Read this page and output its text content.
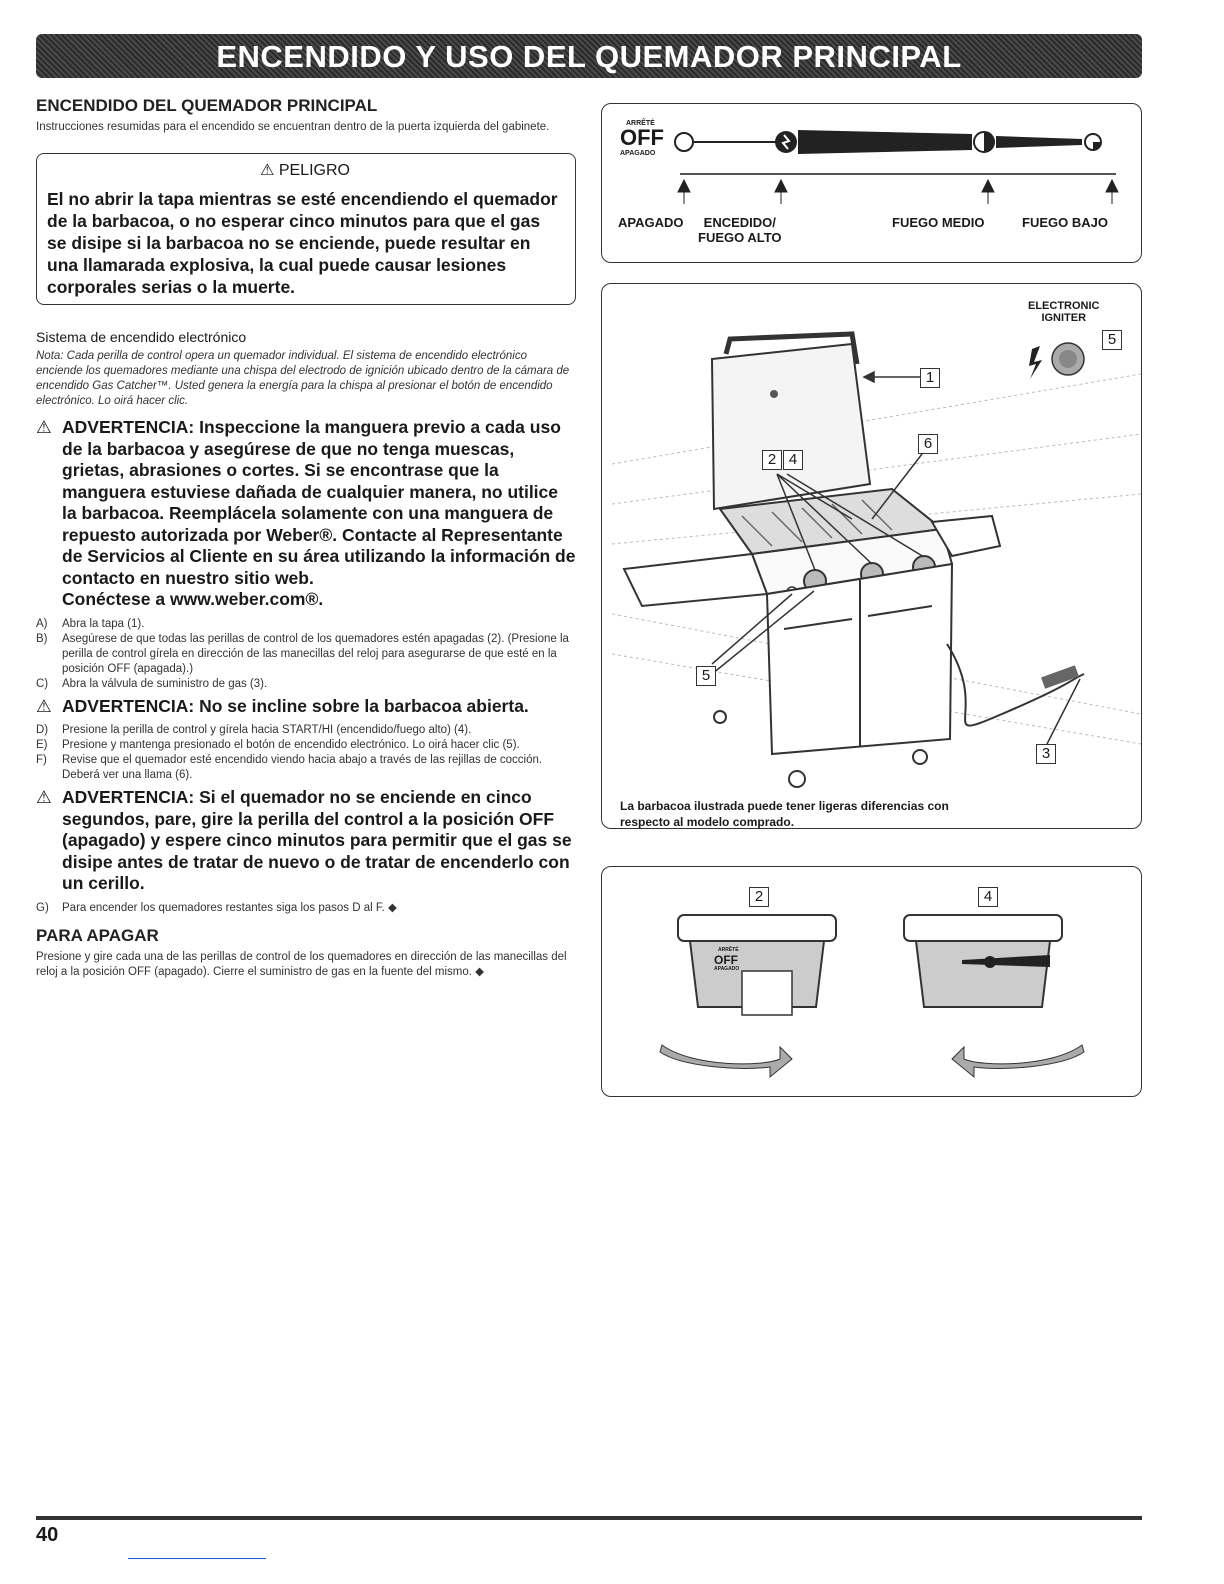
ENCENDIDO Y USO DEL QUEMADOR PRINCIPAL
ENCENDIDO DEL QUEMADOR PRINCIPAL

Instrucciones resumidas para el encendido se encuentran dentro de la puerta izquierda del gabinete.

⚠ PELIGRO
El no abrir la tapa mientras se esté encendiendo el quemador de la barbacoa, o no esperar cinco minutos para que el gas se disipe si la barbacoa no se enciende, puede resultar en una llamarada explosiva, la cual puede causar lesiones corporales serias o la muerte.
Sistema de encendido electrónico

Nota: Cada perilla de control opera un quemador individual. El sistema de encendido electrónico enciende los quemadores mediante una chispa del electrodo de ignición ubicado dentro de la cámara de encendido Gas Catcher™. Usted genera la energía para la chispa al presionar el botón de encendido electrónico. Lo oirá hacer clic.

⚠ ADVERTENCIA: Inspeccione la manguera previo a cada uso de la barbacoa y asegúrese de que no tenga muescas, grietas, abrasiones o cortes. Si se encontrase que la manguera estuviese dañada de cualquier manera, no utilice la barbacoa. Reemplácela solamente con una manguera de repuesto autorizada por Weber®. Contacte al Representante de Servicios al Cliente en su área utilizando la información de contacto en nuestro sitio web.
Conéctese a www.weber.com®.
A) Abra la tapa (1).
B) Asegúrese de que todas las perillas de control de los quemadores estén apagadas (2). (Presione la perilla de control gírela en dirección de las manecillas del reloj para asegurarse de que esté en la posición OFF (apagada).)
C) Abra la válvula de suministro de gas (3).
⚠ ADVERTENCIA: No se incline sobre la barbacoa abierta.
D) Presione la perilla de control y gírela hacia START/HI (encendido/fuego alto) (4).
E) Presione y mantenga presionado el botón de encendido electrónico. Lo oirá hacer clic (5).
F) Revise que el quemador esté encendido viendo hacia abajo a través de las rejillas de cocción. Deberá ver una llama (6).
⚠ ADVERTENCIA: Si el quemador no se enciende en cinco segundos, pare, gire la perilla del control a la posición OFF (apagado) y espere cinco minutos para permitir que el gas se disipe antes de tratar de nuevo o de tratar de encenderlo con un cerillo.
G) Para encender los quemadores restantes siga los pasos D al F. ◆
PARA APAGAR

Presione y gire cada una de las perillas de control de los quemadores en dirección de las manecillas del reloj a la posición OFF (apagado). Cierre el suministro de gas en la fuente del mismo. ◆

ARRÊTÉ
OFF
APAGADO
APAGADO	ENCEDIDO/
FUEGO ALTO
FUEGO MEDIO	FUEGO BAJO
ELECTRONIC
IGNITER
1
2 4
6
5
3
5
La barbacoa ilustrada puede tener ligeras diferencias con respecto al modelo comprado.
2	4
ARRÊTÉ
OFF
APAGADO
40
